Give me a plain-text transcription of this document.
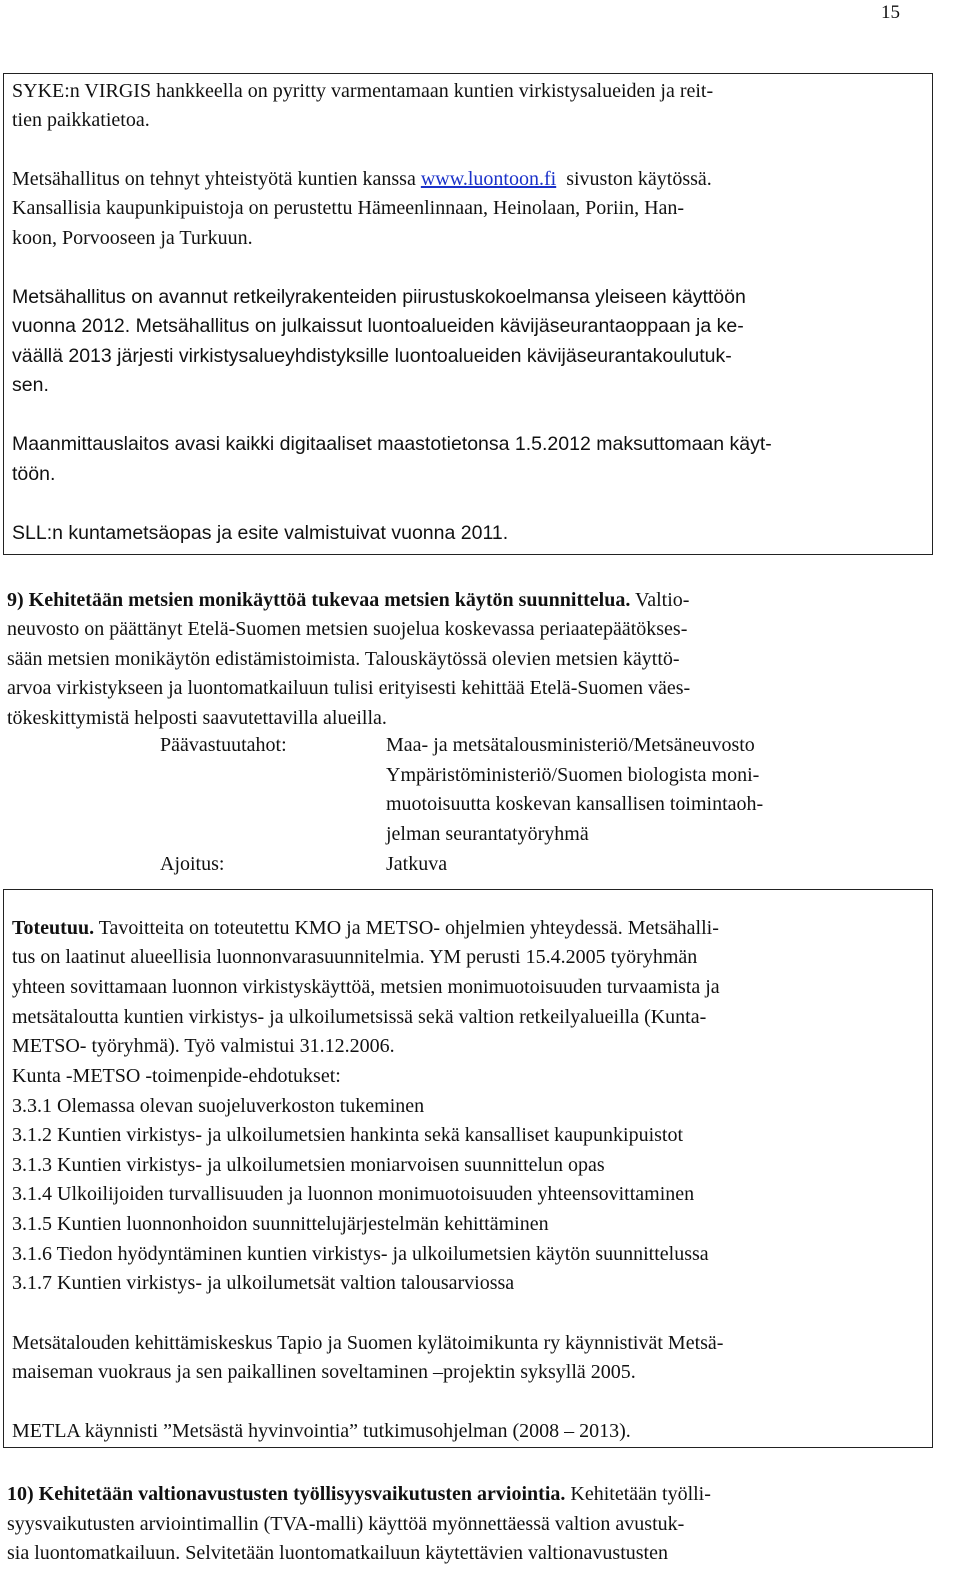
15
SYKE:n VIRGIS hankkeella on pyritty varmentamaan kuntien virkistysalueiden ja reit-
tien paikkatietoa.
Metsähallitus on tehnyt yhteistyötä kuntien kanssa www.luontoon.fi  sivuston käytössä.
Kansallisia kaupunkipuistoja on perustettu Hämeenlinnaan, Heinolaan, Poriin, Han-
koon, Porvooseen ja Turkuun.
Metsähallitus on avannut retkeilyrakenteiden piirustuskokoelmansa yleiseen käyttöön
vuonna 2012. Metsähallitus on julkaissut luontoalueiden kävijäseurantaoppaan ja ke-
väällä 2013 järjesti virkistysalueyhdistyksille luontoalueiden kävijäseurantakoulutuk-
sen.
Maanmittauslaitos avasi kaikki digitaaliset maastotietonsa 1.5.2012 maksuttomaan käyt-
töön.
SLL:n kuntametsäopas ja esite valmistuivat vuonna 2011.
9) Kehitetään metsien monikäyttöä tukevaa metsien käytön suunnittelua. Valtio-
neuvosto on päättänyt Etelä-Suomen metsien suojelua koskevassa periaatepäätökses-
sään metsien monikäytön edistämistoimista. Talouskäytössä olevien metsien käyttö-
arvoa virkistykseen ja luontomatkailuun tulisi erityisesti kehittää Etelä-Suomen väes-
tökeskittymistä helposti saavutettavilla alueilla.
Päävastuutahot:	Maa- ja metsätalousministeriö/Metsäneuvosto
Ympäristöministeriö/Suomen biologista moni-
muotoisuutta koskevan kansallisen toimintaoh-
jelman seurantatyöryhmä
Ajoitus:	Jatkuva
Toteutuu. Tavoitteita on toteutettu KMO ja METSO- ohjelmien yhteydessä. Metsähalli-
tus on laatinut alueellisia luonnonvarasuunnitelmia. YM perusti 15.4.2005 työryhmän
yhteen sovittamaan luonnon virkistyskäyttöä, metsien monimuotoisuuden turvaamista ja
metsätaloutta kuntien virkistys- ja ulkoilumetsissä sekä valtion retkeilyalueilla (Kunta-
METSO- työryhmä). Työ valmistui 31.12.2006.
Kunta -METSO -toimenpide-ehdotukset:
3.3.1 Olemassa olevan suojeluverkoston tukeminen
3.1.2 Kuntien virkistys- ja ulkoilumetsien hankinta sekä kansalliset kaupunkipuistot
3.1.3 Kuntien virkistys- ja ulkoilumetsien moniarvoisen suunnittelun opas
3.1.4 Ulkoilijoiden turvallisuuden ja luonnon monimuotoisuuden yhteensovittaminen
3.1.5 Kuntien luonnonhoidon suunnittelujärjestelmän kehittäminen
3.1.6 Tiedon hyödyntäminen kuntien virkistys- ja ulkoilumetsien käytön suunnittelussa
3.1.7 Kuntien virkistys- ja ulkoilumetsät valtion talousarviossa
Metsätalouden kehittämiskeskus Tapio ja Suomen kylätoimikunta ry käynnistivät Metsä-
maiseman vuokraus ja sen paikallinen soveltaminen –projektin syksyllä 2005.
METLA käynnisti ”Metsästä hyvinvointia” tutkimusohjelman (2008 – 2013).
10) Kehitetään valtionavustusten työllisyysvaikutusten arviointia. Kehitetään työlli-
syysvaikutusten arviointimallin (TVA-malli) käyttöä myönnettäessä valtion avustuk-
sia luontomatkailuun. Selvitetään luontomatkailuun käytettävien valtionavustusten
